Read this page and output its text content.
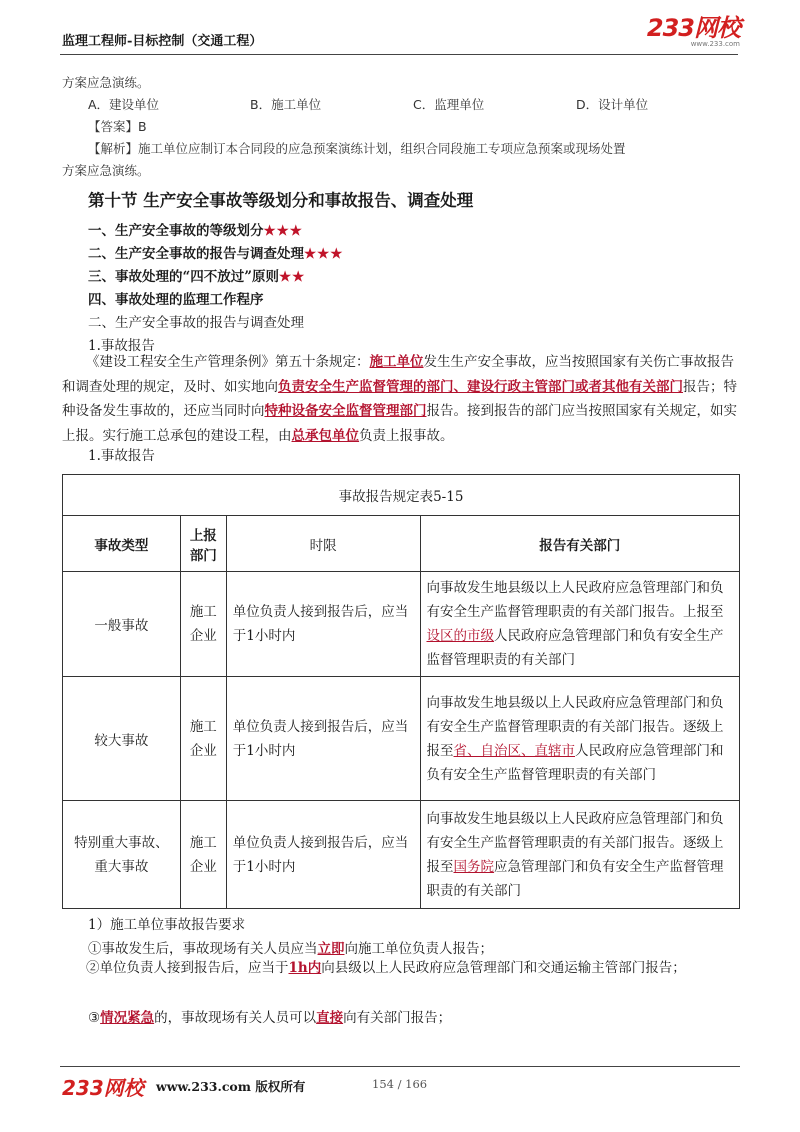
监理工程师-目标控制（交通工程）	233网校
www.233.com
方案应急演练。
A．建设单位	B．施工单位	C．监理单位	D．设计单位
【答案】B
【解析】施工单位应制订本合同段的应急预案演练计划，组织合同段施工专项应急预案或现场处置
方案应急演练。
第十节 生产安全事故等级划分和事故报告、调查处理
一、生产安全事故的等级划分★★★
二、生产安全事故的报告与调查处理★★★
三、事故处理的“四不放过”原则★★
四、事故处理的监理工作程序
二、生产安全事故的报告与调查处理
1.事故报告
《建设工程安全生产管理条例》第五十条规定：施工单位发生生产安全事故，应当按照国家有关伤亡事故报告和调查处理的规定，及时、如实地向负责安全生产监督管理的部门、建设行政主管部门或者其他有关部门报告；特种设备发生事故的，还应当同时向特种设备安全监督管理部门报告。接到报告的部门应当按照国家有关规定，如实上报。实行施工总承包的建设工程，由总承包单位负责上报事故。
1.事故报告
事故报告规定表5-15			
事故类型	上报部门	时限	报告有关部门
一般事故	施工企业	单位负责人接到报告后，应当于1小时内	向事故发生地县级以上人民政府应急管理部门和负有安全生产监督管理职责的有关部门报告。上报至设区的市级人民政府应急管理部门和负有安全生产监督管理职责的有关部门
较大事故	施工企业	单位负责人接到报告后，应当于1小时内	向事故发生地县级以上人民政府应急管理部门和负有安全生产监督管理职责的有关部门报告。逐级上报至省、自治区、直辖市人民政府应急管理部门和负有安全生产监督管理职责的有关部门
特别重大事故、重大事故	施工企业	单位负责人接到报告后，应当于1小时内	向事故发生地县级以上人民政府应急管理部门和负有安全生产监督管理职责的有关部门报告。逐级上报至国务院应急管理部门和负有安全生产监督管理职责的有关部门
1）施工单位事故报告要求
①事故发生后，事故现场有关人员应当立即向施工单位负责人报告；
②单位负责人接到报告后，应当于1h内向县级以上人民政府应急管理部门和交通运输主管部门报告；
③情况紧急的，事故现场有关人员可以直接向有关部门报告；
233网校 www.233.com 版权所有	154 / 166
